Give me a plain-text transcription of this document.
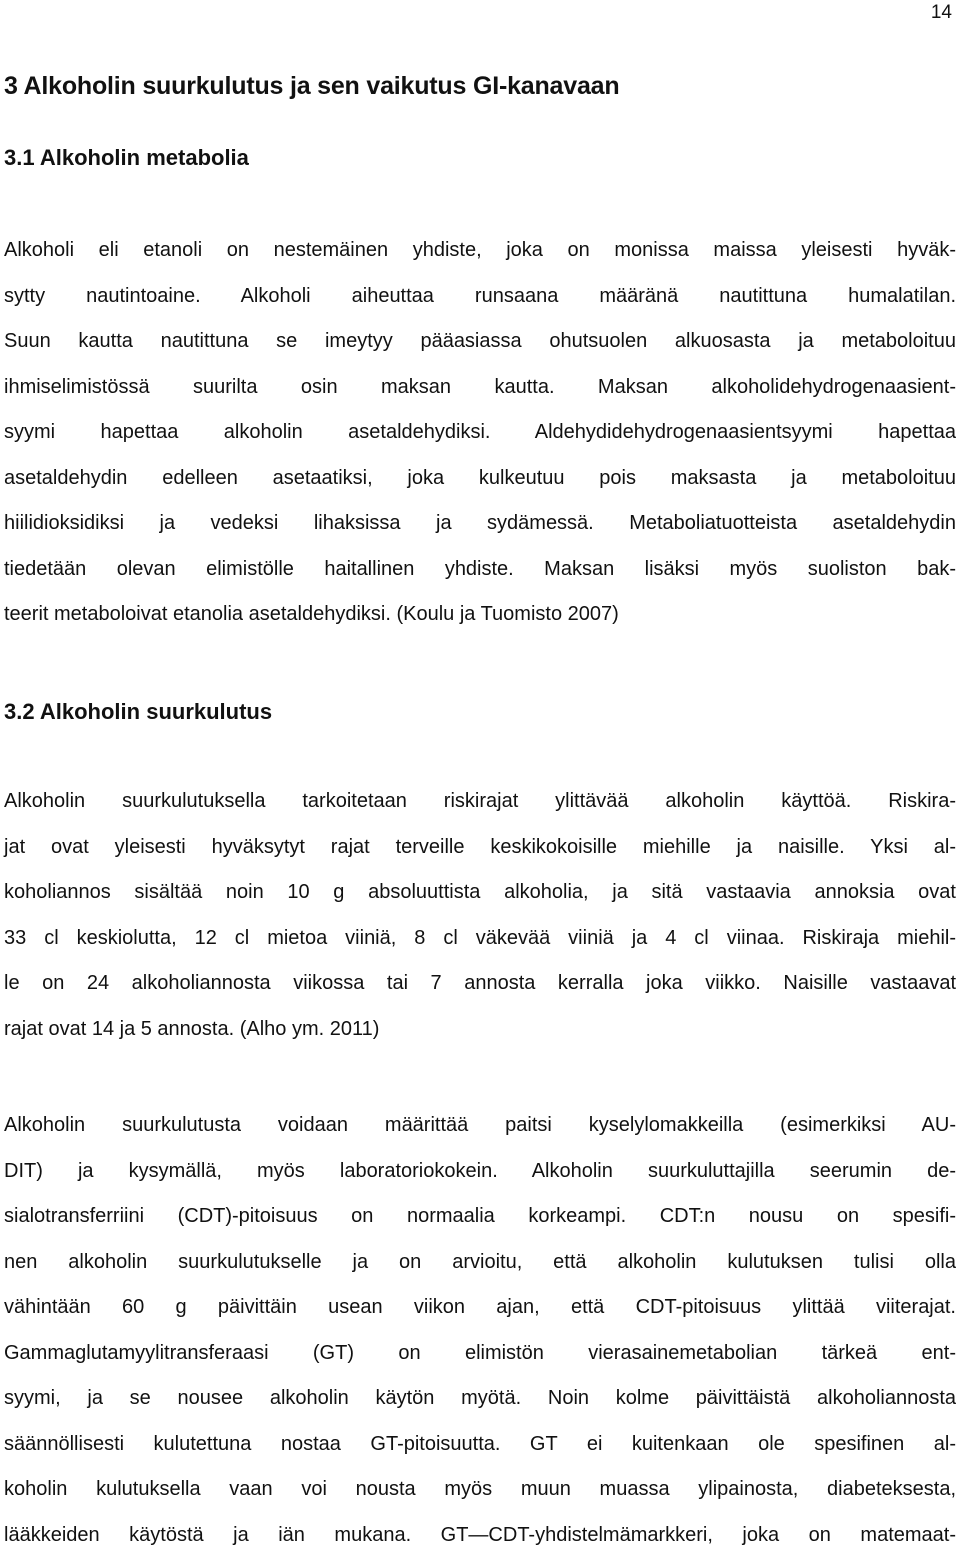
14
3 Alkoholin suurkulutus ja sen vaikutus GI-kanavaan
3.1 Alkoholin metabolia

Alkoholi eli etanoli on nestemäinen yhdiste, joka on monissa maissa yleisesti hyväk-
sytty nautintoaine. Alkoholi aiheuttaa runsaana määränä nautittuna humalatilan.
Suun kautta nautittuna se imeytyy pääasiassa ohutsuolen alkuosasta ja metaboloituu
ihmiselimistössä suurilta osin maksan kautta. Maksan alkoholidehydrogenaasient-
syymi hapettaa alkoholin asetaldehydiksi. Aldehydidehydrogenaasientsyymi hapettaa
asetaldehydin edelleen asetaatiksi, joka kulkeutuu pois maksasta ja metaboloituu
hiilidioksidiksi ja vedeksi lihaksissa ja sydämessä. Metaboliatuotteista asetaldehydin
tiedetään olevan elimistölle haitallinen yhdiste. Maksan lisäksi myös suoliston bak-
teerit metaboloivat etanolia asetaldehydiksi. (Koulu ja Tuomisto 2007)

3.2 Alkoholin suurkulutus

Alkoholin suurkulutuksella tarkoitetaan riskirajat ylittävää alkoholin käyttöä. Riskira-
jat ovat yleisesti hyväksytyt rajat terveille keskikokoisille miehille ja naisille. Yksi al-
koholiannos sisältää noin 10 g absoluuttista alkoholia, ja sitä vastaavia annoksia ovat
33 cl keskiolutta, 12 cl mietoa viiniä, 8 cl väkevää viiniä ja 4 cl viinaa. Riskiraja miehil-
le on 24 alkoholiannosta viikossa tai 7 annosta kerralla joka viikko. Naisille vastaavat
rajat ovat 14 ja 5 annosta. (Alho ym. 2011)

Alkoholin suurkulutusta voidaan määrittää paitsi kyselylomakkeilla (esimerkiksi AU-
DIT) ja kysymällä, myös laboratoriokokein. Alkoholin suurkuluttajilla seerumin de-
sialotransferriini (CDT)-pitoisuus on normaalia korkeampi. CDT:n nousu on spesifi-
nen alkoholin suurkulutukselle ja on arvioitu, että alkoholin kulutuksen tulisi olla
vähintään 60 g päivittäin usean viikon ajan, että CDT-pitoisuus ylittää viiterajat.
Gammaglutamyylitransferaasi (GT) on elimistön vierasainemetabolian tärkeä ent-
syymi, ja se nousee alkoholin käytön myötä. Noin kolme päivittäistä alkoholiannosta
säännöllisesti kulutettuna nostaa GT-pitoisuutta. GT ei kuitenkaan ole spesifinen al-
koholin kulutuksella vaan voi nousta myös muun muassa ylipainosta, diabeteksesta,
lääkkeiden käytöstä ja iän mukana. GT—CDT-yhdistelmämarkkeri, joka on matemaat-
